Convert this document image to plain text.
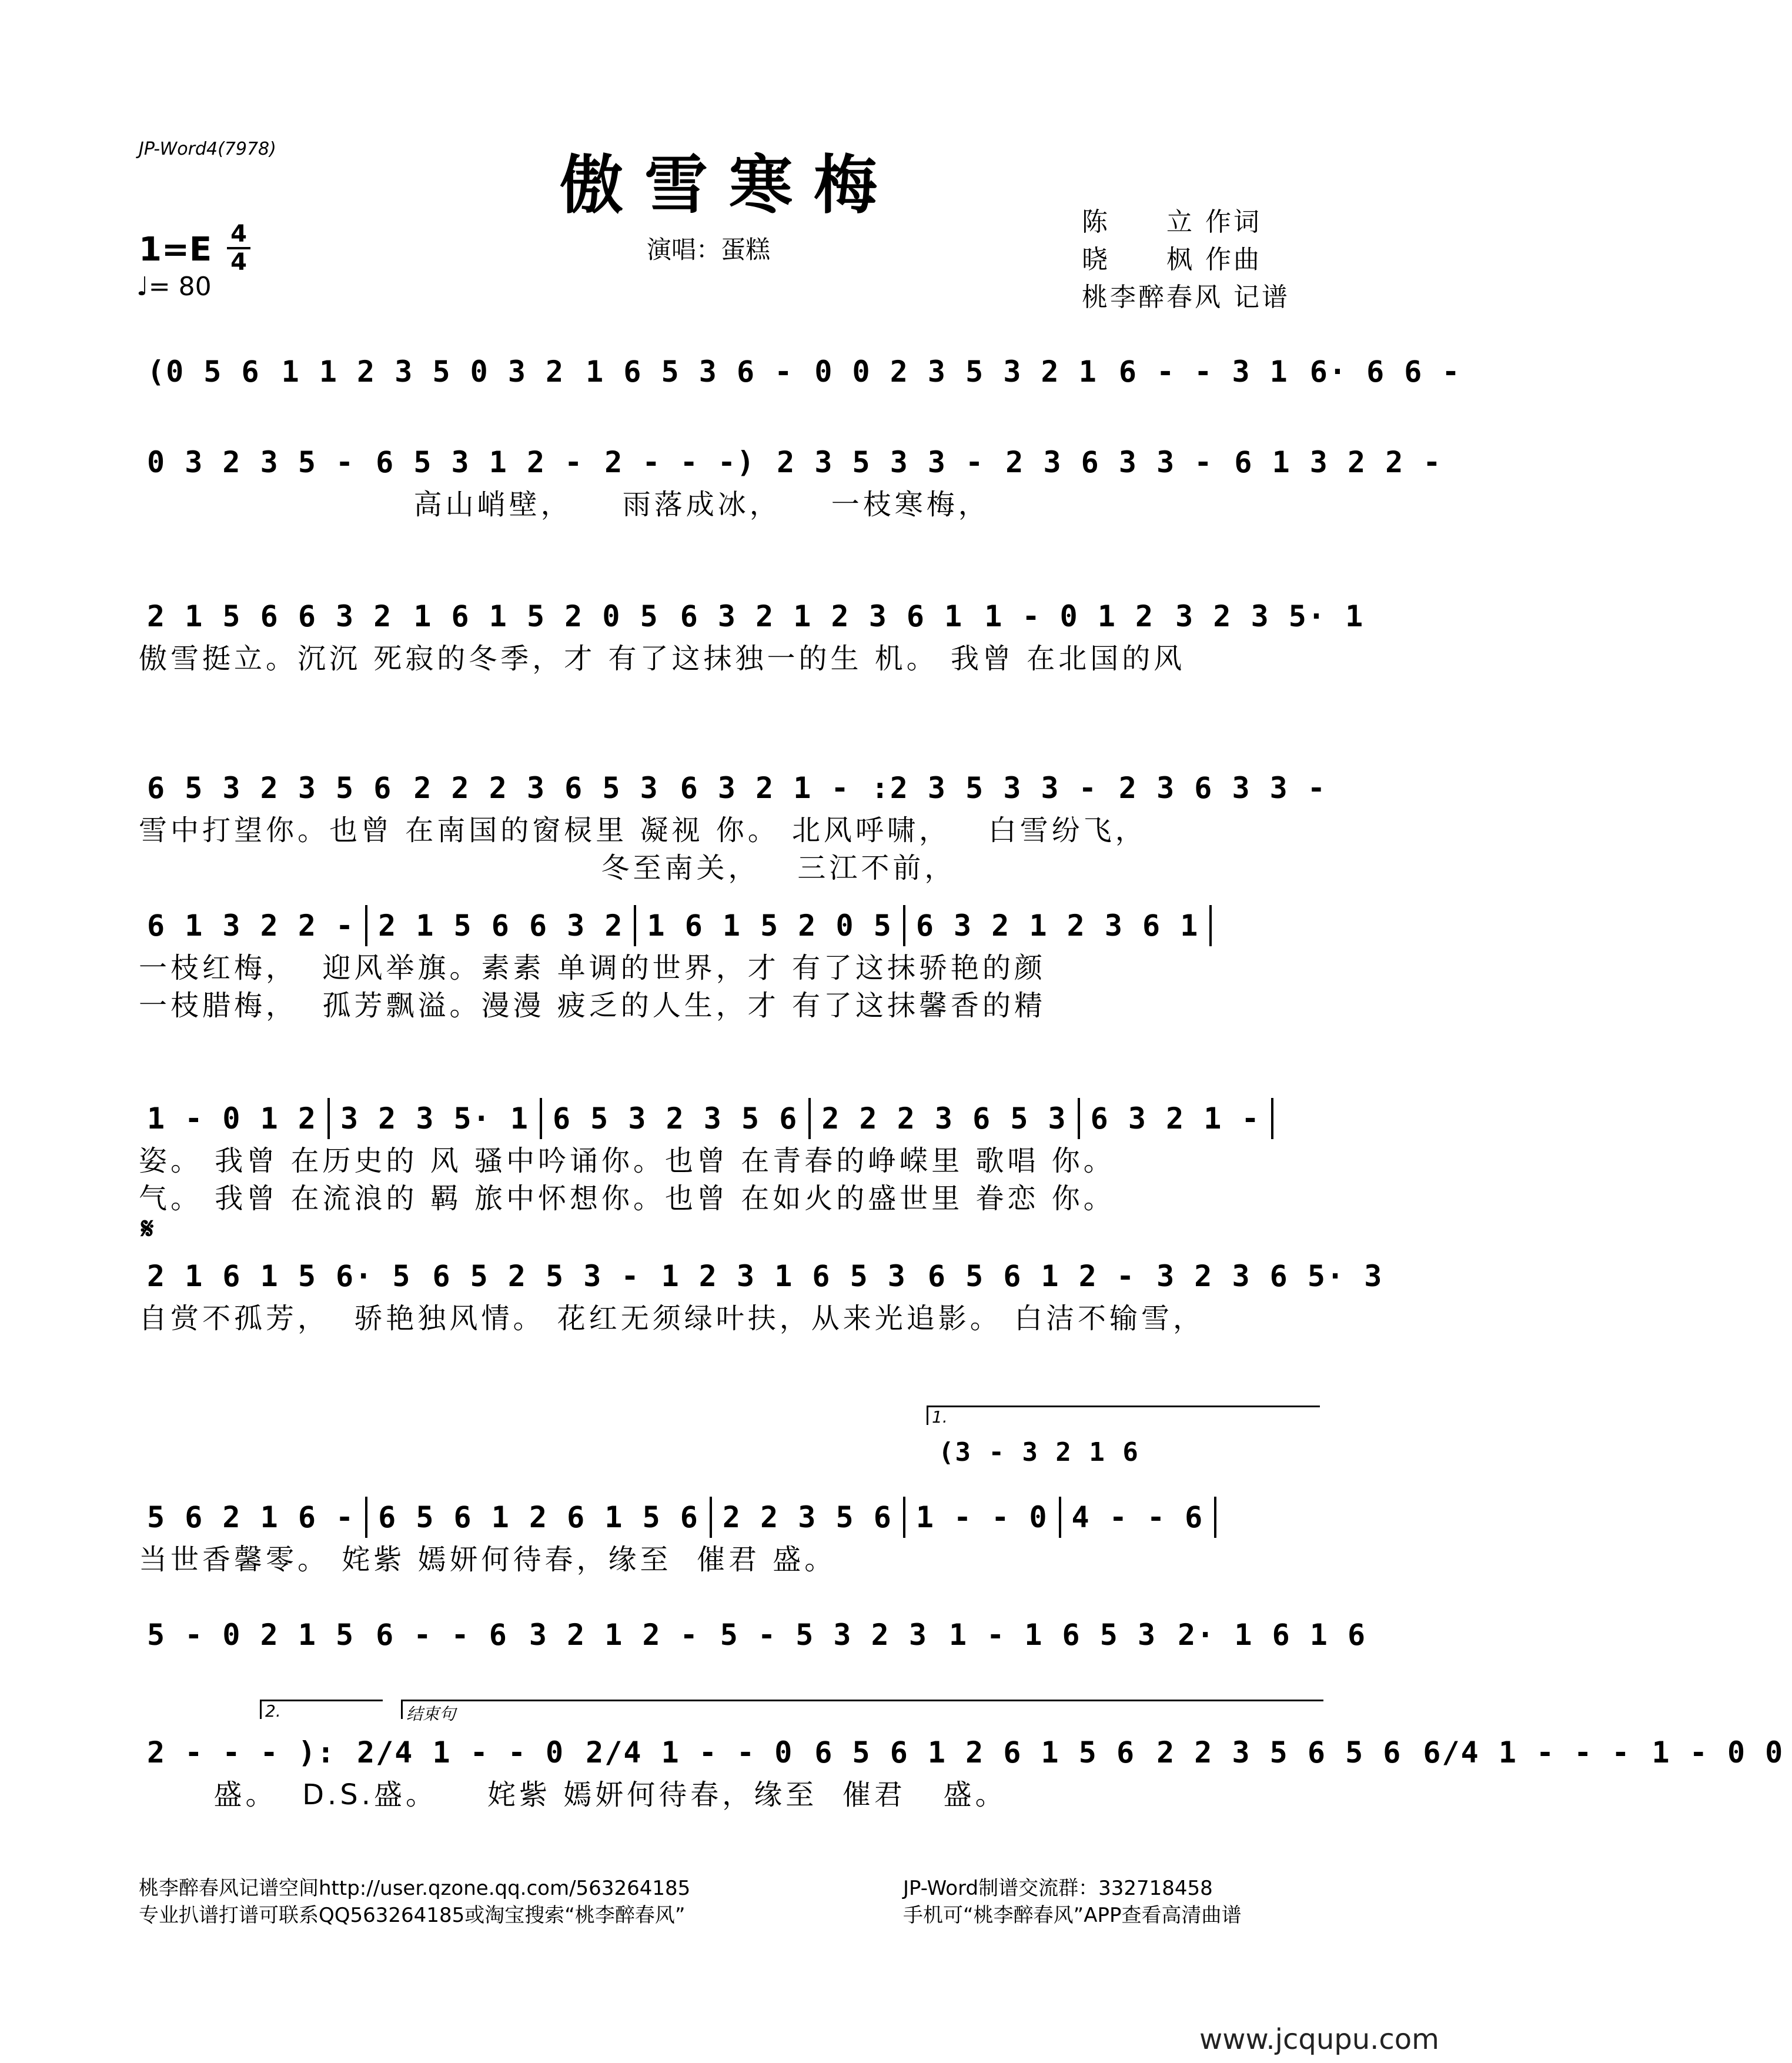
JP-Word4(7978)	傲雪寒梅
1=E 4
4
♩= 80
演唱：蛋糕
陈　　立 作词
晓　　枫 作曲
桃李醉春风 记谱
(0 5 6 1 1 2 3 5 0 3 2 1 6 5 3 6 - 0 0 2 3 5 3 2 1 6 - - 3 1 6· 6 6 -
0 3 2 3 5 - 6 5 3 1 2 - 2 - - -) 2 3 5 3 3 - 2 3 6 3 3 - 6 1 3 2 2 -
高山峭壁，    雨落成冰，    一枝寒梅，
2 1 5 6 6 3 2 1 6 1 5 2 0 5 6 3 2 1 2 3 6 1 1 - 0 1 2 3 2 3 5· 1
傲雪挺立。沉沉 死寂的冬季，才 有了这抹独一的生 机。 我曾 在北国的风
6 5 3 2 3 5 6 2 2 2 3 6 5 3 6 3 2 1 - :2 3 5 3 3 - 2 3 6 3 3 -
雪中打望你。也曾 在南国的窗棂里 凝视 你。 北风呼啸，   白雪纷飞，
冬至南关，   三江不前，
6 1 3 2 2 - 2 1 5 6 6 3 2 1 6 1 5 2 0 5 6 3 2 1 2 3 6 1
一枝红梅，  迎风举旗。素素 单调的世界，才 有了这抹骄艳的颜
一枝腊梅，  孤芳飘溢。漫漫 疲乏的人生，才 有了这抹馨香的精
1 - 0 1 2 3 2 3 5· 1 6 5 3 2 3 5 6 2 2 2 3 6 5 3 6 3 2 1 -
姿。 我曾 在历史的 风 骚中吟诵你。也曾 在青春的峥嵘里 歌唱 你。
气。 我曾 在流浪的 羁 旅中怀想你。也曾 在如火的盛世里 眷恋 你。
𝄋
2 1 6 1 5 6· 5 6 5 2 5 3 - 1 2 3 1 6 5 3 6 5 6 1 2 - 3 2 3 6 5· 3
自赏不孤芳，  骄艳独风情。 花红无须绿叶扶，从来光追影。 白洁不输雪，
1.
(3 - 3 2 1 6
5 6 2 1 6 - 6 5 6 1 2 6 1 5 6 2 2 3 5 6 1 - - 0 4 - - 6
当世香馨零。 姹紫 嫣妍何待春，缘至  催君 盛。
5 - 0 2 1 5 6 - - 6 3 2 1 2 - 5 - 5 3 2 3 1 - 1 6 5 3 2· 1 6 1 6
2.	结束句
2 - - - ): 2/4 1 - - 0 2/4 1 - - 0 6 5 6 1 2 6 1 5 6 2 2 3 5 6 5 6 6/4 1 - - - 1 - 0 0
盛。  D.S.盛。    姹紫 嫣妍何待春，缘至  催君   盛。
桃李醉春风记谱空间http://user.qzone.qq.com/563264185
专业扒谱打谱可联系QQ563264185或淘宝搜索“桃李醉春风”
JP-Word制谱交流群：332718458
手机可“桃李醉春风”APP查看高清曲谱
www.jcqupu.com
